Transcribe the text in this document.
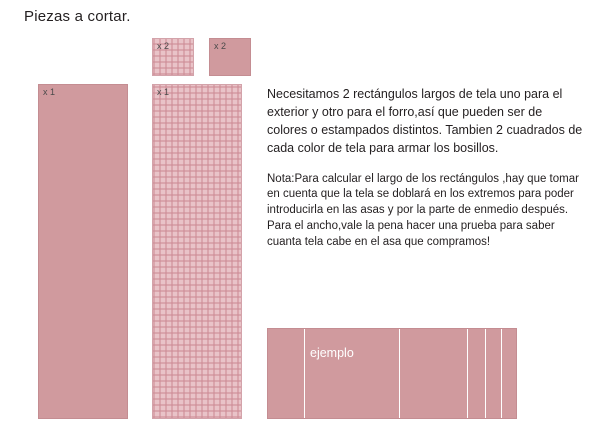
Piezas a cortar.
x 1	x 1
x 2	x 2

Necesitamos 2 rectángulos largos de tela uno para el exterior y otro para el forro,así que pueden ser de colores o estampados distintos. Tambien 2 cuadrados de cada color de tela para armar los bosillos.

Nota:Para calcular el largo de los rectángulos ,hay que tomar en cuenta que la tela se doblará en los extremos para poder introducirla en las asas y por la parte de enmedio después. Para el ancho,vale la pena hacer una prueba para saber cuanta tela cabe en el asa que compramos!

ejemplo
